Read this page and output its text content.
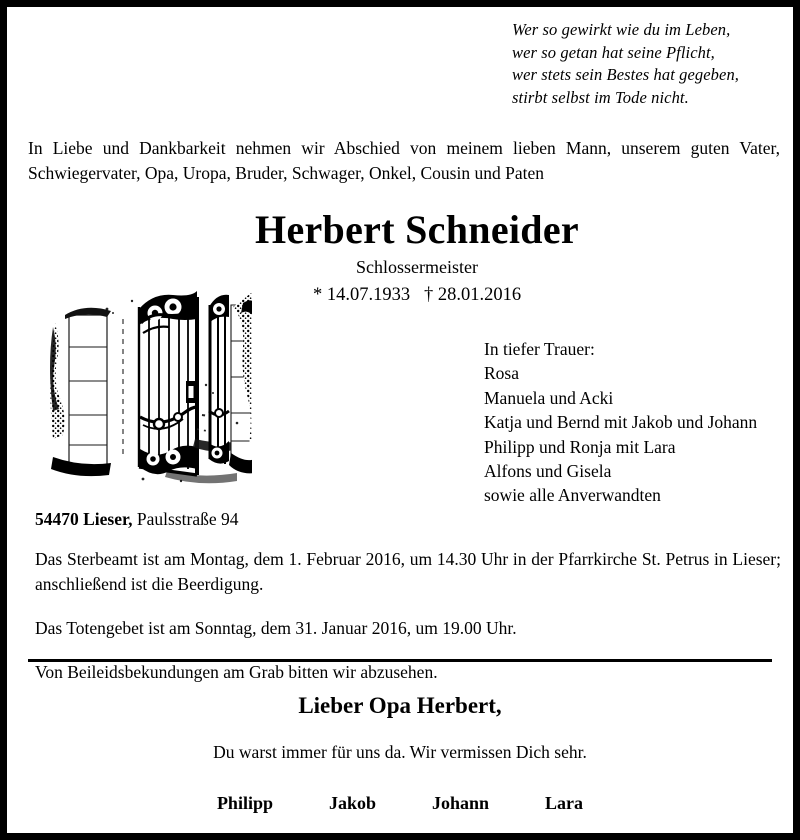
Wer so gewirkt wie du im Leben,
wer so getan hat seine Pflicht,
wer stets sein Bestes hat gegeben,
stirbt selbst im Tode nicht.
In Liebe und Dankbarkeit nehmen wir Abschied von meinem lieben Mann, unserem guten Vater,
Schwiegervater, Opa, Uropa, Bruder, Schwager, Onkel, Cousin und Paten
Herbert Schneider
Schlossermeister
* 14.07.1933   † 28.01.2016
In tiefer Trauer:
Rosa
Manuela und Acki
Katja und Bernd mit Jakob und Johann
Philipp und Ronja mit Lara
Alfons und Gisela
sowie alle Anverwandten
54470 Lieser, Paulsstraße 94

Das Sterbeamt ist am Montag, dem 1. Februar 2016, um 14.30 Uhr in der Pfarrkirche St. Petrus in Lieser; anschließend ist die Beerdigung.

Das Totengebet ist am Sonntag, dem 31. Januar 2016, um 19.00 Uhr.

Von Beileidsbekundungen am Grab bitten wir abzusehen.

Lieber Opa Herbert,
Du warst immer für uns da. Wir vermissen Dich sehr.
Philipp	Jakob	Johann	Lara
